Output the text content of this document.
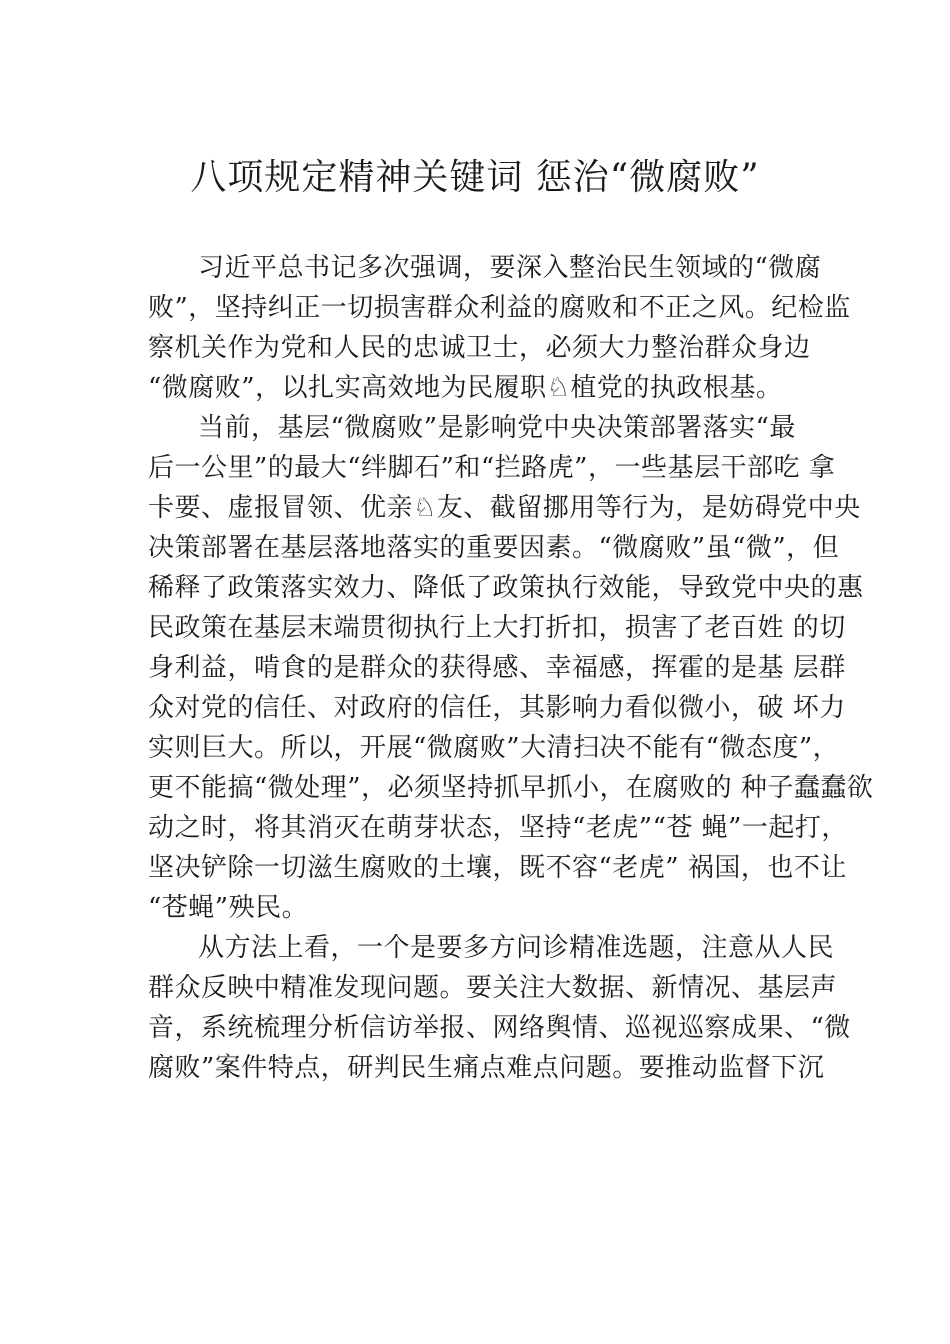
八项规定精神关键词 惩治“微腐败”
习近平总书记多次强调，要深入整治民生领域的“微腐
败”，坚持纠正一切损害群众利益的腐败和不正之风。纪检监
察机关作为党和人民的忠诚卫士，必须大力整治群众身边
“微腐败”，以扎实高效地为民履职♘植党的执政根基。
当前，基层“微腐败”是影响党中央决策部署落实“最
后一公里”的最大“绊脚石”和“拦路虎”，一些基层干部吃 拿
卡要、虚报冒领、优亲♘友、截留挪用等行为，是妨碍党中央
决策部署在基层落地落实的重要因素。“微腐败”虽“微”，但
稀释了政策落实效力、降低了政策执行效能，导致党中央的惠
民政策在基层末端贯彻执行上大打折扣，损害了老百姓 的切
身利益，啃食的是群众的获得感、幸福感，挥霍的是基 层群
众对党的信任、对政府的信任，其影响力看似微小，破 坏力
实则巨大。所以，开展“微腐败”大清扫决不能有“微态度”，
更不能搞“微处理”，必须坚持抓早抓小，在腐败的 种子蠢蠢欲
动之时，将其消灭在萌芽状态，坚持“老虎”“苍 蝇”一起打，
坚决铲除一切滋生腐败的土壤，既不容“老虎” 祸国，也不让
“苍蝇”殃民。
从方法上看，一个是要多方问诊精准选题，注意从人民
群众反映中精准发现问题。要关注大数据、新情况、基层声
音，系统梳理分析信访举报、网络舆情、巡视巡察成果、“微
腐败”案件特点，研判民生痛点难点问题。要推动监督下沉
